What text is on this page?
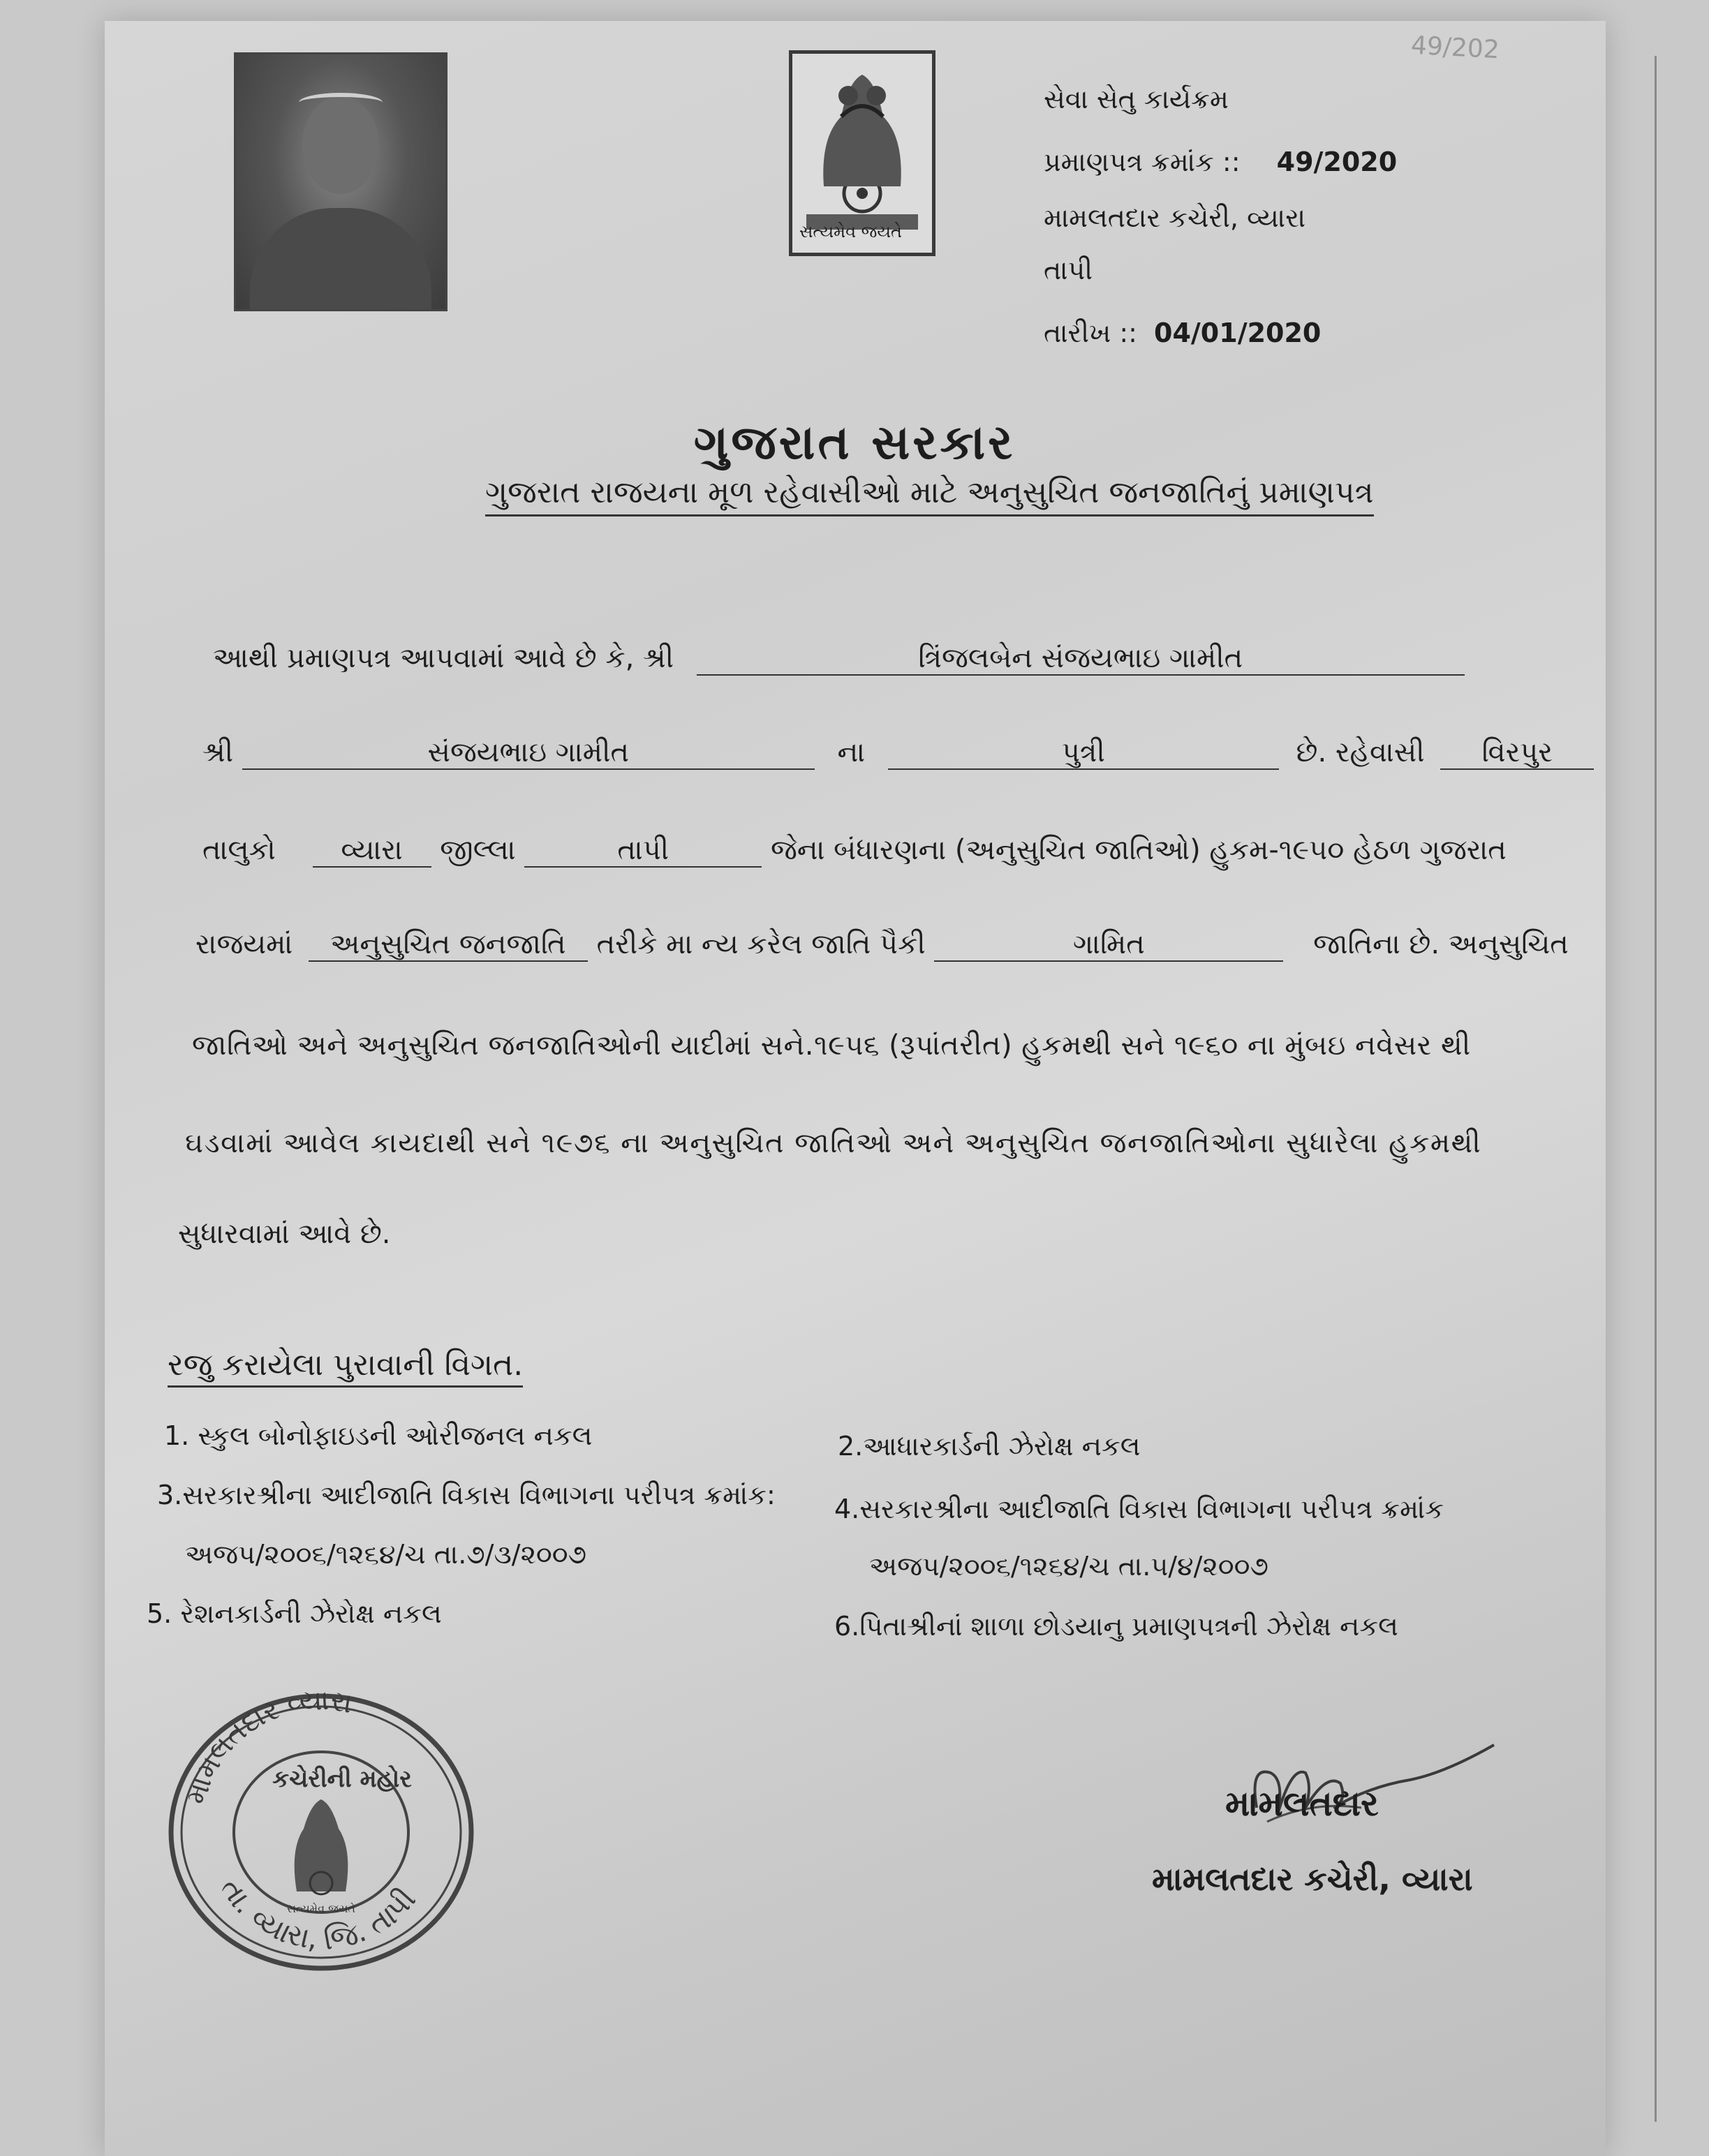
49/202
સત્યમેવ જયતે
સેવા સેતુ કાર્યક્રમ
પ્રમાણપત્ર ક્રમાંક :: 49/2020
મામલતદાર કચેરી, વ્યારા
તાપી
તારીખ :: 04/01/2020
ગુજરાત સરકાર
ગુજરાત રાજયના મૂળ રહેવાસીઓ માટે અનુસુચિત જનજાતિનું પ્રમાણપત્ર
આથી પ્રમાણપત્ર આપવામાં આવે છે કે, શ્રી	ત્રિંજલબેન સંજયભાઇ ગામીત
શ્રી	સંજયભાઇ ગામીત	ના	પુત્રી	છે. રહેવાસી વિરપુર
તાલુકો વ્યારા જીલ્લા	તાપી	જેના બંધારણના (અનુસુચિત જાતિઓ) હુકમ-૧૯૫૦ હેઠળ ગુજરાત
રાજયમાં અનુસુચિત જનજાતિ તરીકે મા ન્ય કરેલ જાતિ પૈકી	ગામિત	જાતિના છે. અનુસુચિત
જાતિઓ અને અનુસુચિત જનજાતિઓની યાદીમાં સને.૧૯૫૬ (રૂપાંતરીત) હુકમથી સને ૧૯૬૦ ના મુંબઇ નવેસર થી
ઘડવામાં આવેલ કાયદાથી સને ૧૯૭૬ ના અનુસુચિત જાતિઓ અને અનુસુચિત જનજાતિઓના સુધારેલા હુકમથી
સુધારવામાં આવે છે.
રજુ કરાયેલા પુરાવાની વિગત.
1. સ્કુલ બોનોફાઇડની ઓરીજનલ નકલ	2.આધારકાર્ડની ઝેરોક્ષ નકલ
3.સરકારશ્રીના આદીજાતિ વિકાસ વિભાગના પરીપત્ર ક્રમાંક: 4.સરકારશ્રીના આદીજાતિ વિકાસ વિભાગના પરીપત્ર ક્રમાંક
અજપ/૨૦૦૬/૧૨૬૪/ચ તા.૭/૩/૨૦૦૭	અજપ/૨૦૦૬/૧૨૬૪/ચ તા.૫/૪/૨૦૦૭
5. રેશનકાર્ડની ઝેરોક્ષ નકલ	6.પિતાશ્રીનાં શાળા છોડયાનુ પ્રમાણપત્રની ઝેરોક્ષ નકલ
મામલતદાર વ્યારા
તા. વ્યારા, જિ. તાપી
કચેરીની મહોર
સત્યમેવ જયતે
મામલતદાર
મામલતદાર કચેરી, વ્યારા
